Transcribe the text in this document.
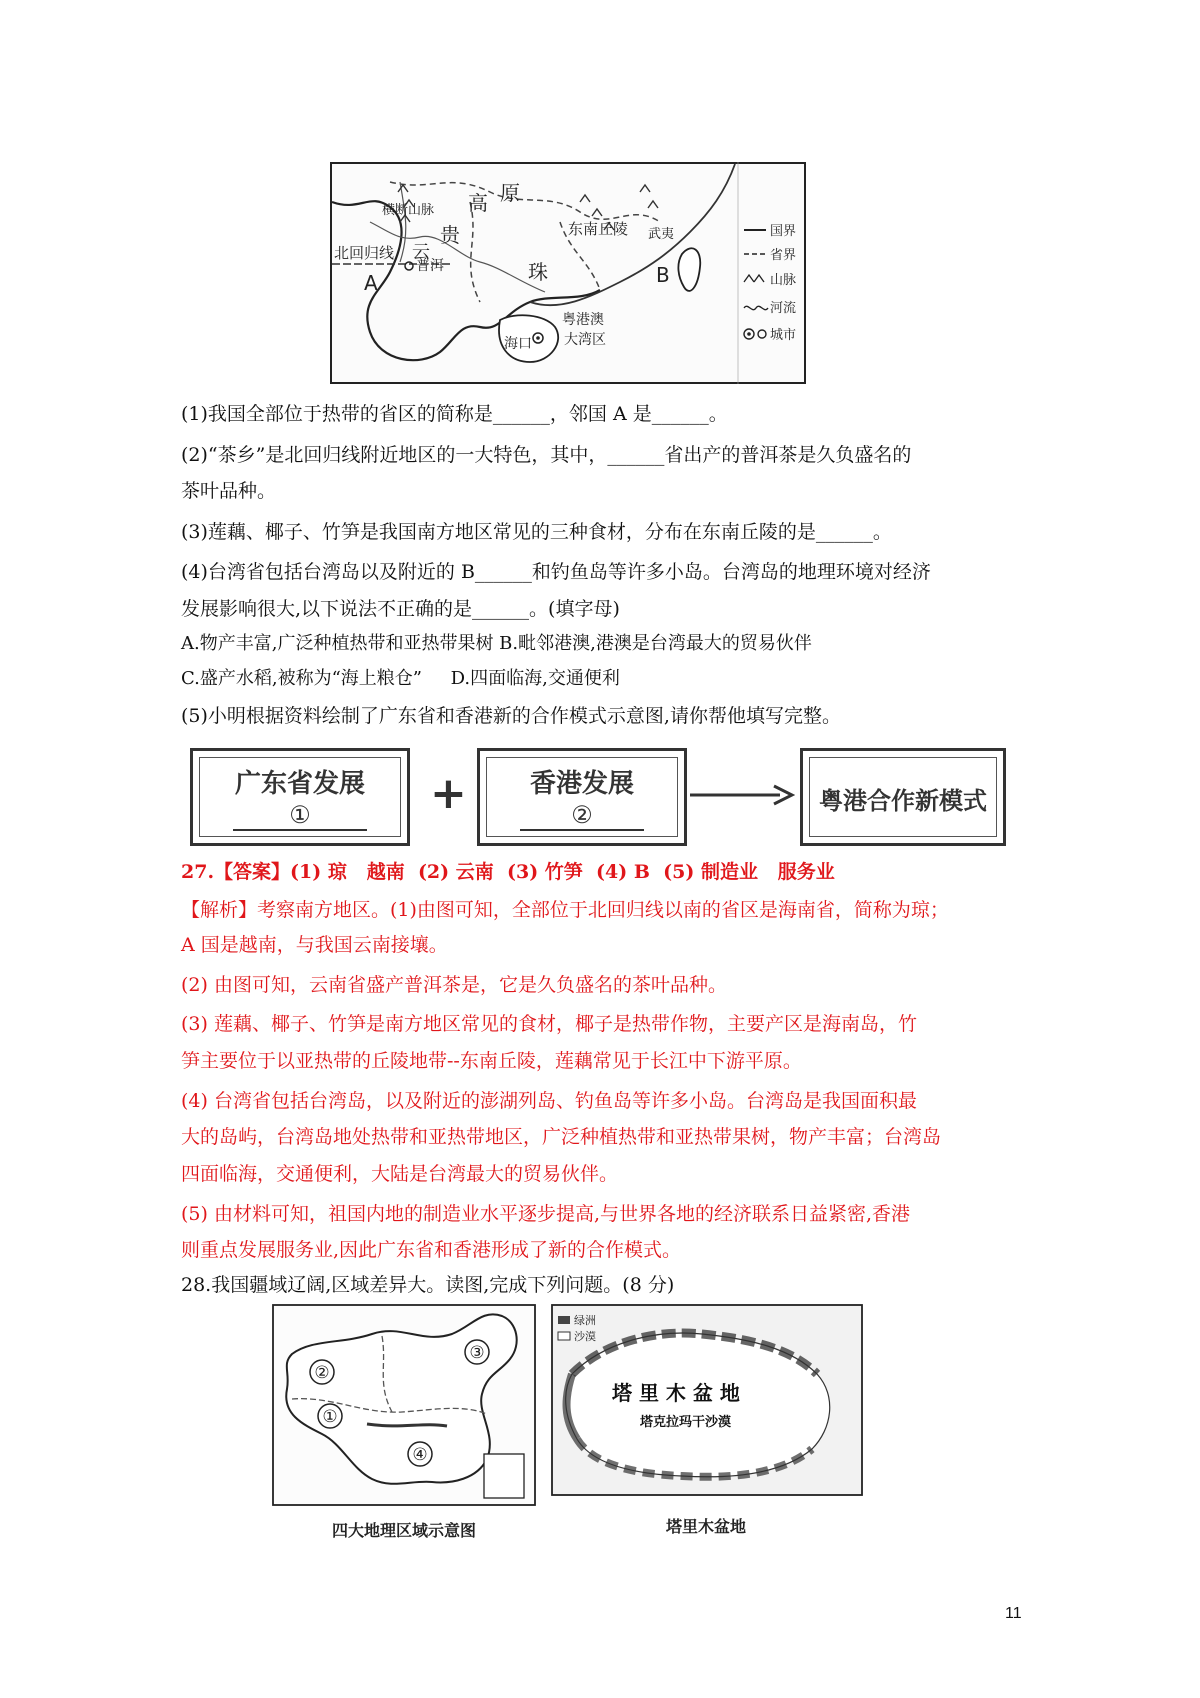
横断山脉 高 原
贵
云
东南丘陵 武夷
北回归线
A
普洱	珠	B
海口
粤港澳
大湾区
国界
省界
山脉
河流
城市
(1)我国全部位于热带的省区的简称是______，邻国 A 是______。
(2)“茶乡”是北回归线附近地区的一大特色，其中，______省出产的普洱茶是久负盛名的
茶叶品种。
(3)莲藕、椰子、竹笋是我国南方地区常见的三种食材，分布在东南丘陵的是______。
(4)台湾省包括台湾岛以及附近的 B______和钓鱼岛等许多小岛。台湾岛的地理环境对经济
发展影响很大,以下说法不正确的是______。(填字母)
A.物产丰富,广泛种植热带和亚热带果树 B.毗邻港澳,港澳是台湾最大的贸易伙伴
C.盛产水稻,被称为“海上粮仓”     D.四面临海,交通便利
(5)小明根据资料绘制了广东省和香港新的合作模式示意图,请你帮他填写完整。
广东省发展
①	+	香港发展
②	粤港合作新模式
27.【答案】(1) 琼   越南  (2) 云南  (3) 竹笋  (4) B  (5) 制造业   服务业
【解析】考察南方地区。(1)由图可知，全部位于北回归线以南的省区是海南省，简称为琼；
A 国是越南，与我国云南接壤。
(2) 由图可知，云南省盛产普洱茶是，它是久负盛名的茶叶品种。
(3) 莲藕、椰子、竹笋是南方地区常见的食材，椰子是热带作物，主要产区是海南岛，竹
笋主要位于以亚热带的丘陵地带--东南丘陵，莲藕常见于长江中下游平原。
(4) 台湾省包括台湾岛，以及附近的澎湖列岛、钓鱼岛等许多小岛。台湾岛是我国面积最
大的岛屿，台湾岛地处热带和亚热带地区，广泛种植热带和亚热带果树，物产丰富；台湾岛
四面临海，交通便利，大陆是台湾最大的贸易伙伴。
(5) 由材料可知，祖国内地的制造业水平逐步提高,与世界各地的经济联系日益紧密,香港
则重点发展服务业,因此广东省和香港形成了新的合作模式。
28.我国疆域辽阔,区域差异大。读图,完成下列问题。(8 分)
②
③
①
④
四大地理区域示意图
绿洲
沙漠
塔 里 木 盆 地
塔克拉玛干沙漠
塔里木盆地
11
